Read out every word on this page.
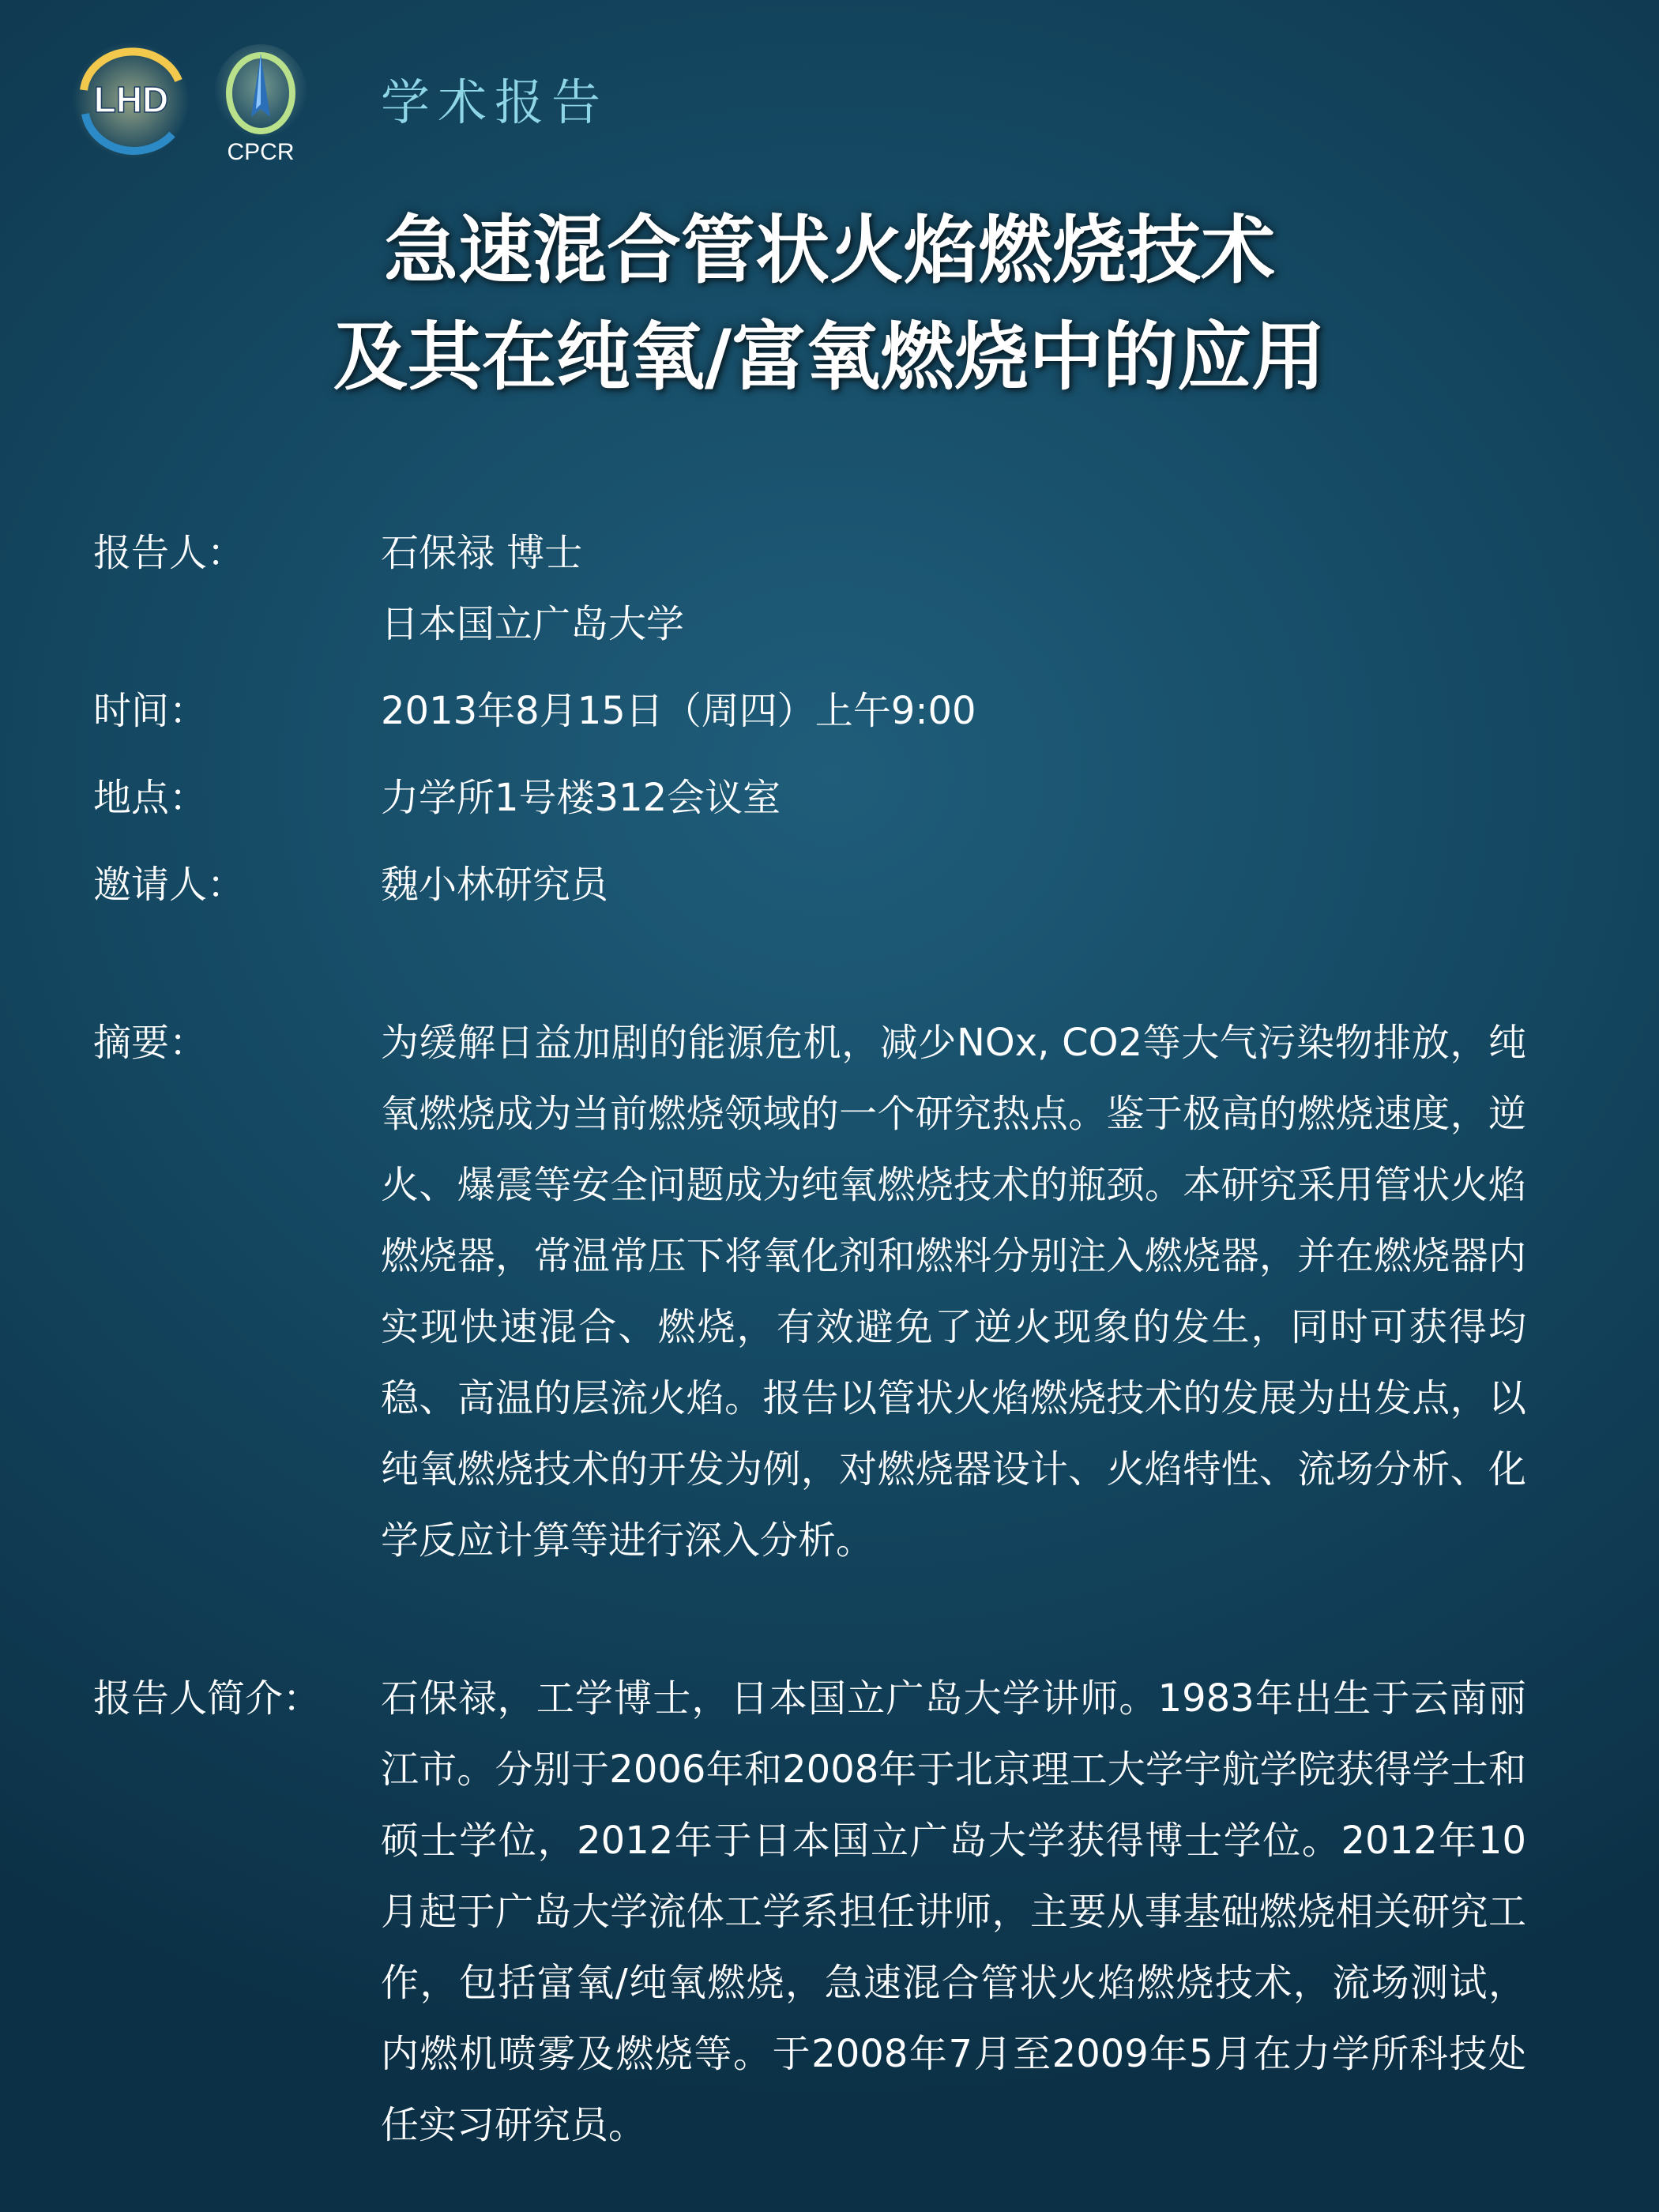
LHD
CPCR
学术报告
急速混合管状火焰燃烧技术
及其在纯氧/富氧燃烧中的应用
报告人：	石保禄 博士
日本国立广岛大学
时间：	2013年8月15日（周四）上午9:00
地点：	力学所1号楼312会议室
邀请人：	魏小林研究员
摘要：	为缓解日益加剧的能源危机，减少NOx, CO2等大气污染物排放，纯氧燃烧成为当前燃烧领域的一个研究热点。鉴于极高的燃烧速度，逆火、爆震等安全问题成为纯氧燃烧技术的瓶颈。本研究采用管状火焰燃烧器，常温常压下将氧化剂和燃料分别注入燃烧器，并在燃烧器内实现快速混合、燃烧，有效避免了逆火现象的发生，同时可获得均稳、高温的层流火焰。报告以管状火焰燃烧技术的发展为出发点，以纯氧燃烧技术的开发为例，对燃烧器设计、火焰特性、流场分析、化学反应计算等进行深入分析。
报告人简介： 石保禄，工学博士，日本国立广岛大学讲师。1983年出生于云南丽江市。分别于2006年和2008年于北京理工大学宇航学院获得学士和硕士学位，2012年于日本国立广岛大学获得博士学位。2012年10月起于广岛大学流体工学系担任讲师，主要从事基础燃烧相关研究工作，包括富氧/纯氧燃烧，急速混合管状火焰燃烧技术，流场测试，内燃机喷雾及燃烧等。于2008年7月至2009年5月在力学所科技处任实习研究员。
